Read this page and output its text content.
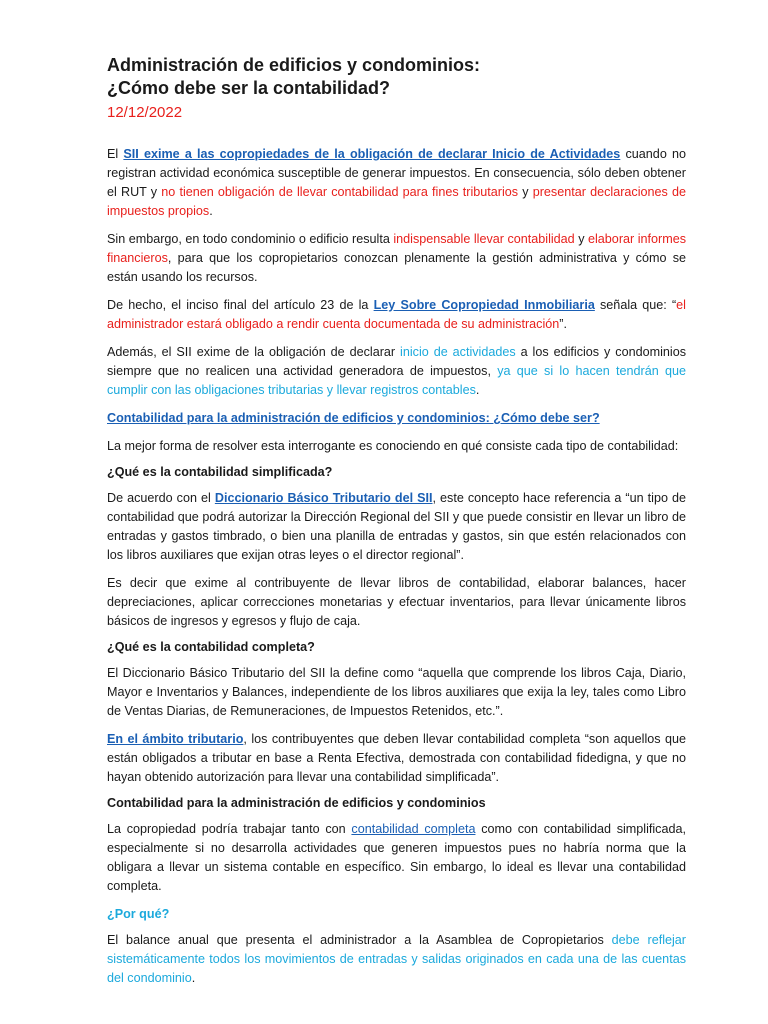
Administración de edificios y condominios:
¿Cómo debe ser la contabilidad?
12/12/2022

El SII exime a las copropiedades de la obligación de declarar Inicio de Actividades cuando no registran actividad económica susceptible de generar impuestos. En consecuencia, sólo deben obtener el RUT y no tienen obligación de llevar contabilidad para fines tributarios y presentar declaraciones de impuestos propios.

Sin embargo, en todo condominio o edificio resulta indispensable llevar contabilidad y elaborar informes financieros, para que los copropietarios conozcan plenamente la gestión administrativa y cómo se están usando los recursos.

De hecho, el inciso final del artículo 23 de la Ley Sobre Copropiedad Inmobiliaria señala que: “el administrador estará obligado a rendir cuenta documentada de su administración”.

Además, el SII exime de la obligación de declarar inicio de actividades a los edificios y condominios siempre que no realicen una actividad generadora de impuestos, ya que si lo hacen tendrán que cumplir con las obligaciones tributarias y llevar registros contables.

Contabilidad para la administración de edificios y condominios: ¿Cómo debe ser?

La mejor forma de resolver esta interrogante es conociendo en qué consiste cada tipo de contabilidad:

¿Qué es la contabilidad simplificada?

De acuerdo con el Diccionario Básico Tributario del SII, este concepto hace referencia a “un tipo de contabilidad que podrá autorizar la Dirección Regional del SII y que puede consistir en llevar un libro de entradas y gastos timbrado, o bien una planilla de entradas y gastos, sin que estén relacionados con los libros auxiliares que exijan otras leyes o el director regional”.

Es decir que exime al contribuyente de llevar libros de contabilidad, elaborar balances, hacer depreciaciones, aplicar correcciones monetarias y efectuar inventarios, para llevar únicamente libros básicos de ingresos y egresos y flujo de caja.

¿Qué es la contabilidad completa?

El Diccionario Básico Tributario del SII la define como “aquella que comprende los libros Caja, Diario, Mayor e Inventarios y Balances, independiente de los libros auxiliares que exija la ley, tales como Libro de Ventas Diarias, de Remuneraciones, de Impuestos Retenidos, etc.”.

En el ámbito tributario, los contribuyentes que deben llevar contabilidad completa “son aquellos que están obligados a tributar en base a Renta Efectiva, demostrada con contabilidad fidedigna, y que no hayan obtenido autorización para llevar una contabilidad simplificada”.

Contabilidad para la administración de edificios y condominios

La copropiedad podría trabajar tanto con contabilidad completa como con contabilidad simplificada, especialmente si no desarrolla actividades que generen impuestos pues no habría norma que la obligara a llevar un sistema contable en específico. Sin embargo, lo ideal es llevar una contabilidad completa.

¿Por qué?

El balance anual que presenta el administrador a la Asamblea de Copropietarios debe reflejar sistemáticamente todos los movimientos de entradas y salidas originados en cada una de las cuentas del condominio.
